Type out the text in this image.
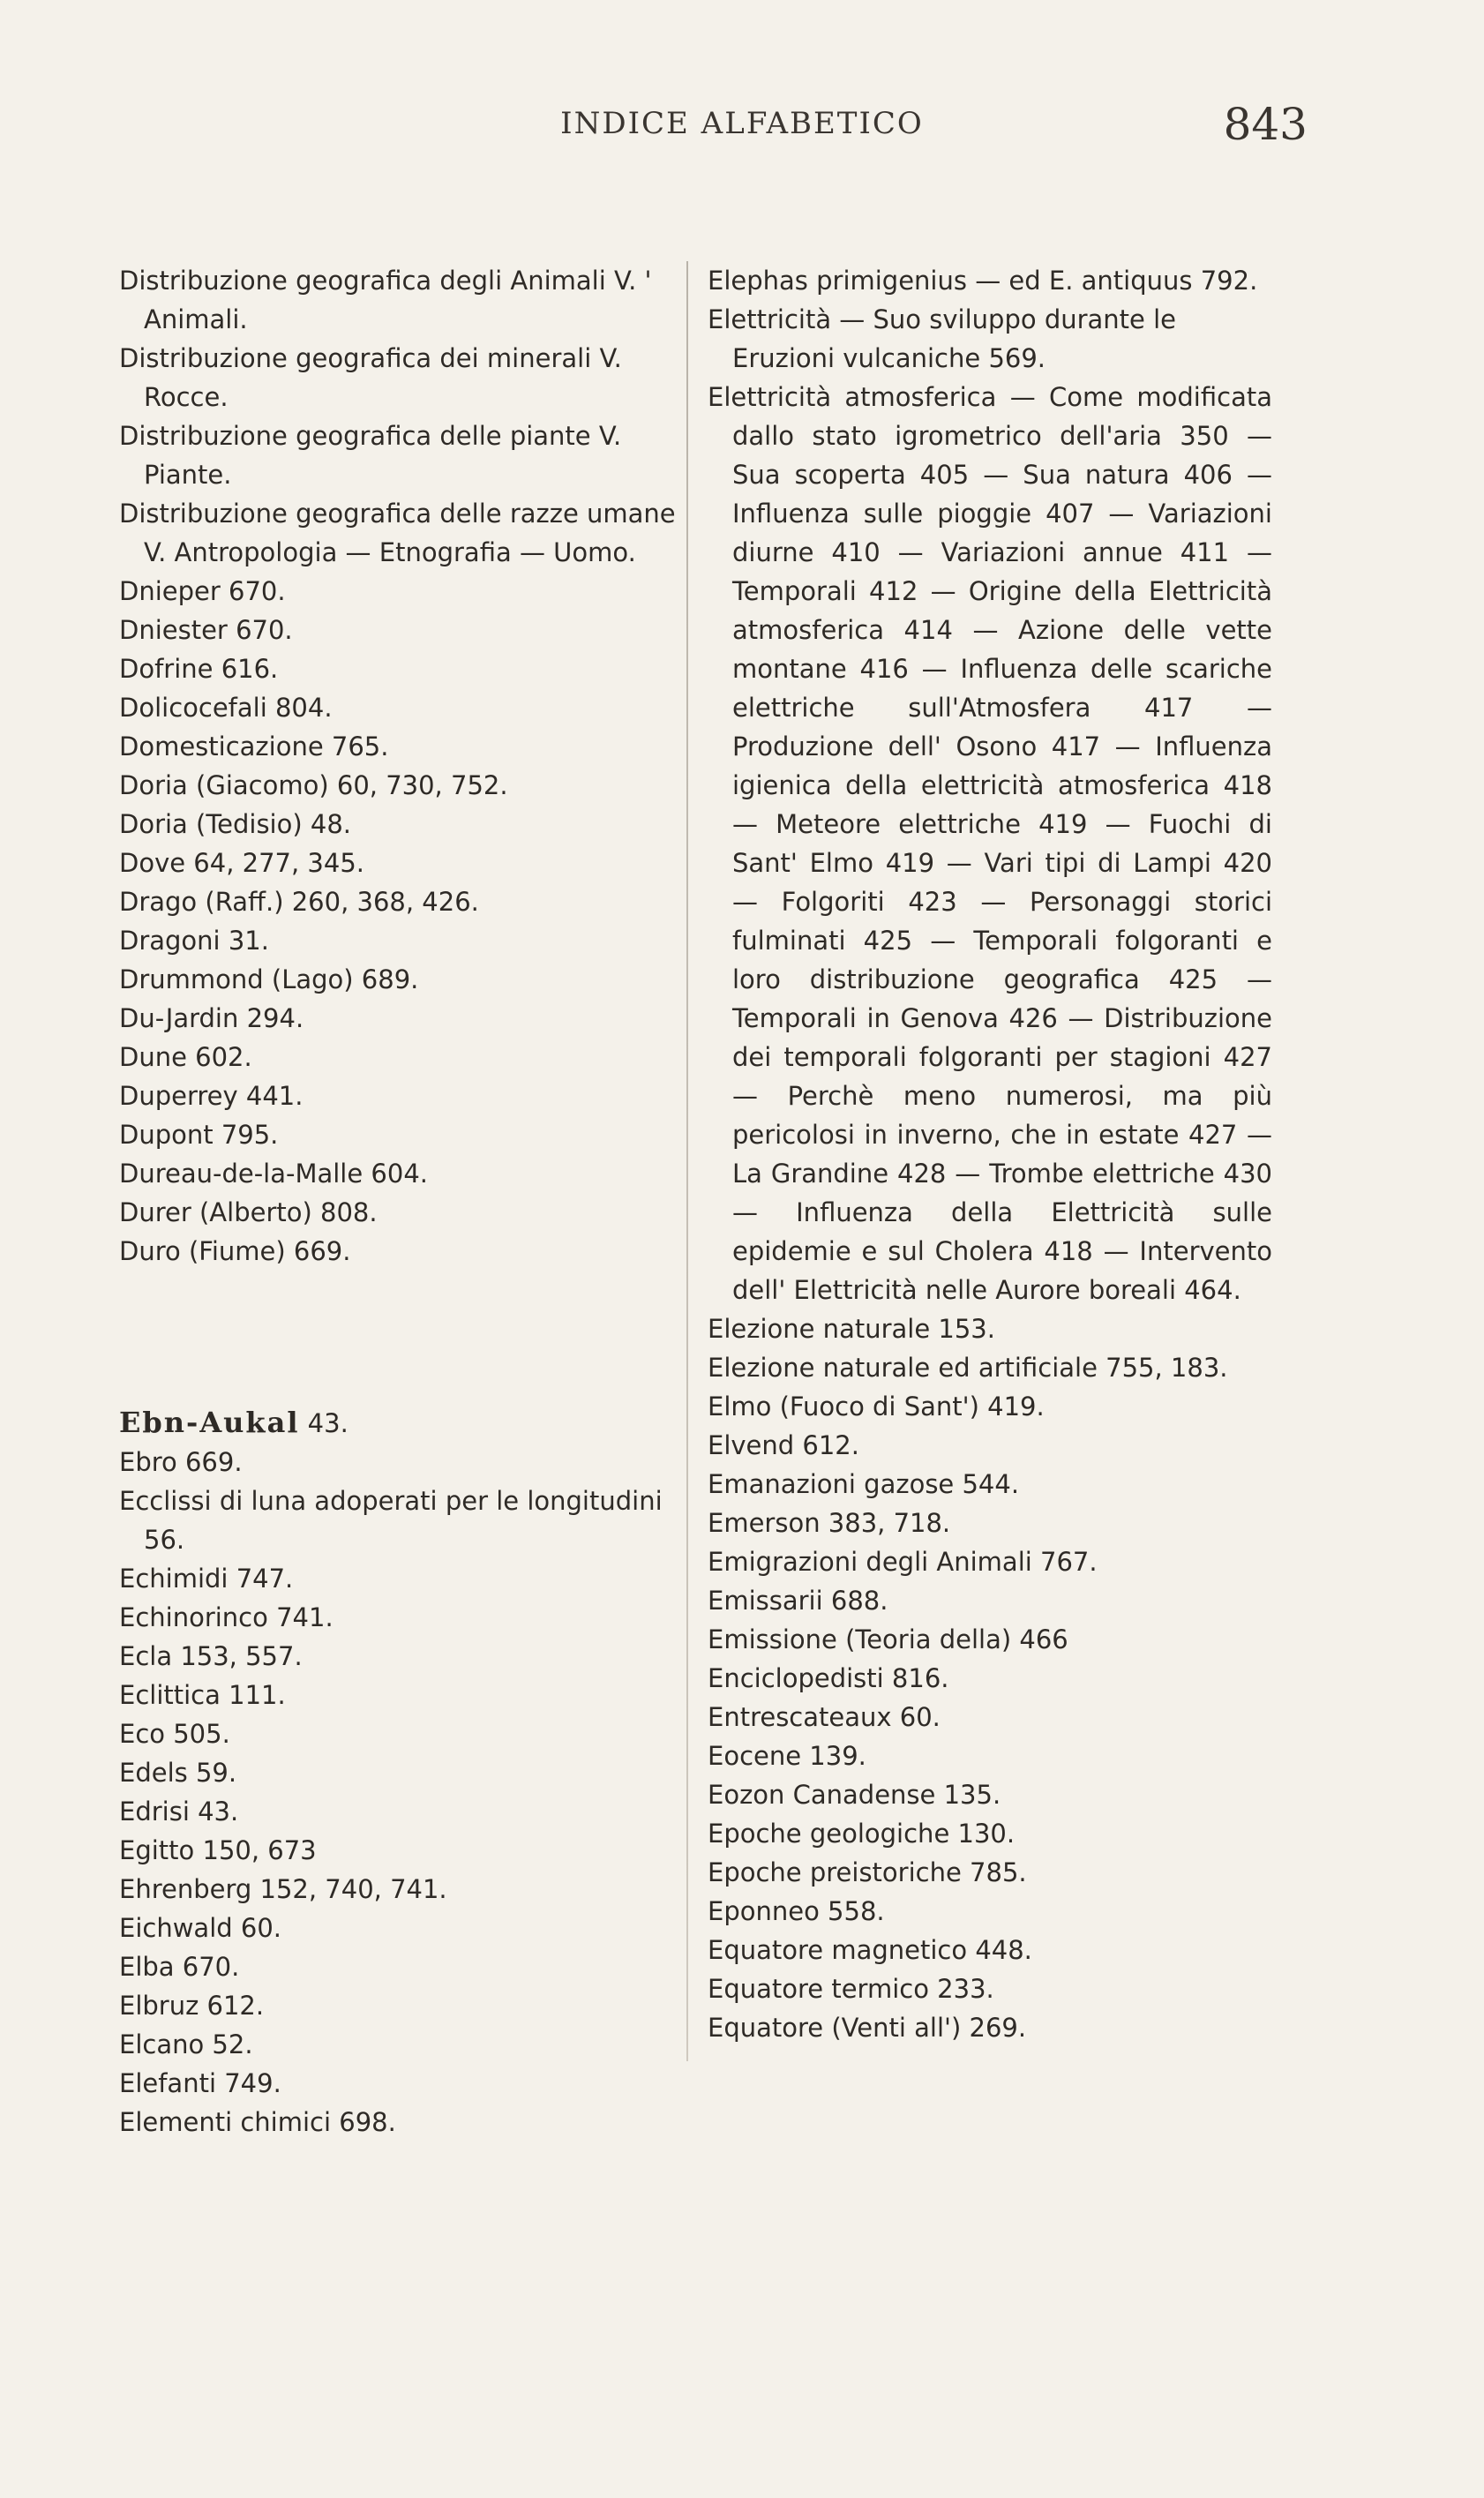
INDICE ALFABETICO	843
Distribuzione geografica degli Animali V. ' Animali.
Distribuzione geografica dei minerali V. Rocce.
Distribuzione geografica delle piante V. Piante.
Distribuzione geografica delle razze umane V. Antropologia — Etnografia — Uomo.
Dnieper 670.
Dniester 670.
Dofrine 616.
Dolicocefali 804.
Domesticazione 765.
Doria (Giacomo) 60, 730, 752.
Doria (Tedisio) 48.
Dove 64, 277, 345.
Drago (Raff.) 260, 368, 426.
Dragoni 31.
Drummond (Lago) 689.
Du-Jardin 294.
Dune 602.
Duperrey 441.
Dupont 795.
Dureau-de-la-Malle 604.
Durer (Alberto) 808.
Duro (Fiume) 669.
Ebn-Aukal 43.
Ebro 669.
Ecclissi di luna adoperati per le longitudini 56.
Echimidi 747.
Echinorinco 741.
Ecla 153, 557.
Eclittica 111.
Eco 505.
Edels 59.
Edrisi 43.
Egitto 150, 673
Ehrenberg 152, 740, 741.
Eichwald 60.
Elba 670.
Elbruz 612.
Elcano 52.
Elefanti 749.
Elementi chimici 698.
Elephas primigenius — ed E. antiquus 792.
Elettricità — Suo sviluppo durante le Eruzioni vulcaniche 569.
Elettricità atmosferica — Come modificata dallo stato igrometrico dell'aria 350 — Sua scoperta 405 — Sua natura 406 — Influenza sulle pioggie 407 — Variazioni diurne 410 — Variazioni annue 411 — Temporali 412 — Origine della Elettricità atmosferica 414 — Azione delle vette montane 416 — Influenza delle scariche elettriche sull'Atmosfera 417 — Produzione dell' Osono 417 — Influenza igienica della elettricità atmosferica 418 — Meteore elettriche 419 — Fuochi di Sant' Elmo 419 — Vari tipi di Lampi 420 — Folgoriti 423 — Personaggi storici fulminati 425 — Temporali folgoranti e loro distribuzione geografica 425 — Temporali in Genova 426 — Distribuzione dei temporali folgoranti per stagioni 427 — Perchè meno numerosi, ma più pericolosi in inverno, che in estate 427 — La Grandine 428 — Trombe elettriche 430 — Influenza della Elettricità sulle epidemie e sul Cholera 418 — Intervento dell' Elettricità nelle Aurore boreali 464.
Elezione naturale 153.
Elezione naturale ed artificiale 755, 183.
Elmo (Fuoco di Sant') 419.
Elvend 612.
Emanazioni gazose 544.
Emerson 383, 718.
Emigrazioni degli Animali 767.
Emissarii 688.
Emissione (Teoria della) 466
Enciclopedisti 816.
Entrescateaux 60.
Eocene 139.
Eozon Canadense 135.
Epoche geologiche 130.
Epoche preistoriche 785.
Eponneo 558.
Equatore magnetico 448.
Equatore termico 233.
Equatore (Venti all') 269.
